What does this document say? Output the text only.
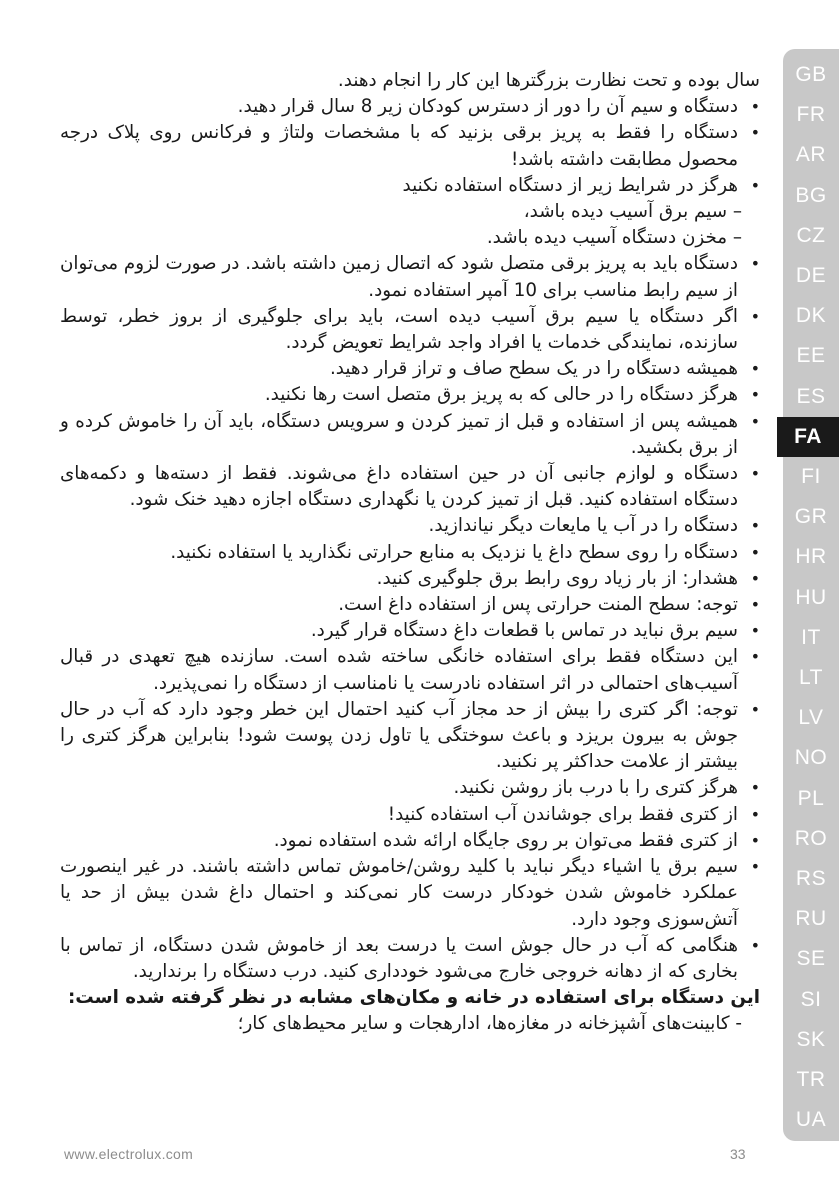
سال بوده و تحت نظارت بزرگترها این کار را انجام دهند.
• دستگاه و سیم آن را دور از دسترس کودکان زیر 8 سال قرار دهید.
• دستگاه را فقط به پریز برقی بزنید که با مشخصات ولتاژ و فرکانس روی پلاک درجه محصول مطابقت داشته باشد!
• هرگز در شرایط زیر از دستگاه استفاده نکنید
– سیم برق آسیب دیده باشد،
– مخزن دستگاه آسیب دیده باشد.
• دستگاه باید به پریز برقی متصل شود که اتصال زمین داشته باشد. در صورت لزوم می‌توان از سیم رابط مناسب برای 10 آمپر استفاده نمود.
• اگر دستگاه یا سیم برق آسیب دیده است، باید برای جلوگیری از بروز خطر، توسط سازنده، نمایندگی خدمات یا افراد واجد شرایط تعویض گردد.
• همیشه دستگاه را در یک سطح صاف و تراز قرار دهید.
• هرگز دستگاه را در حالی که به پریز برق متصل است رها نکنید.
• همیشه پس از استفاده و قبل از تمیز کردن و سرویس دستگاه، باید آن را خاموش کرده و از برق بکشید.
• دستگاه و لوازم جانبی آن در حین استفاده داغ می‌شوند. فقط از دسته‌ها و دکمه‌های دستگاه استفاده کنید. قبل از تمیز کردن یا نگهداری دستگاه اجازه دهید خنک شود.
• دستگاه را در آب یا مایعات دیگر نیاندازید.
• دستگاه را روی سطح داغ یا نزدیک به منابع حرارتی نگذارید یا استفاده نکنید.
• هشدار: از بار زیاد روی رابط برق جلوگیری کنید.
• توجه: سطح المنت حرارتی پس از استفاده داغ است.
• سیم برق نباید در تماس با قطعات داغ دستگاه قرار گیرد.
• این دستگاه فقط برای استفاده خانگی ساخته شده است. سازنده هیچ تعهدی در قبال آسیب‌های احتمالی در اثر استفاده نادرست یا نامناسب از دستگاه را نمی‌پذیرد.
• توجه: اگر کتری را بیش از حد مجاز آب کنید احتمال این خطر وجود دارد که آب در حال جوش به بیرون بریزد و باعث سوختگی یا تاول زدن پوست شود! بنابراین هرگز کتری را بیشتر از علامت حداکثر پر نکنید.
• هرگز کتری را با درب باز روشن نکنید.
• از کتری فقط برای جوشاندن آب استفاده کنید!
• از کتری فقط می‌توان بر روی جایگاه ارائه شده استفاده نمود.
• سیم برق یا اشیاء دیگر نباید با کلید روشن/خاموش تماس داشته باشند. در غیر اینصورت عملکرد خاموش شدن خودکار درست کار نمی‌کند و احتمال داغ شدن بیش از حد یا آتش‌سوزی وجود دارد.
• هنگامی که آب در حال جوش است یا درست بعد از خاموش شدن دستگاه، از تماس با بخاری که از دهانه خروجی خارج می‌شود خودداری کنید. درب دستگاه را برندارید.
این دستگاه برای استفاده در خانه و مکان‌های مشابه در نظر گرفته شده است:
- کابینت‌های آشپزخانه در مغازه‌ها، ادارهجات و سایر محیط‌های کار؛
GB
FR
AR
BG
CZ
DE
DK
EE
ES
FA
FI
GR
HR
HU
IT
LT
LV
NO
PL
RO
RS
RU
SE
SI
SK
TR
UA
www.electrolux.com	33
